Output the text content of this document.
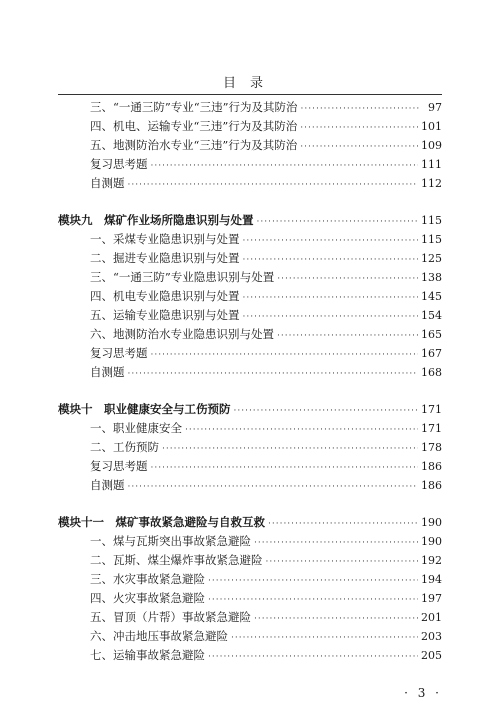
目录
三、“一通三防”专业“三违”行为及其防治 ·····	97
四、机电、运输专业“三违”行为及其防治 ·····	101
五、地测防治水专业“三违”行为及其防治 ·····	109
复习思考题 ·····	111
自测题 ·····	112
模块九　煤矿作业场所隐患识别与处置 ·····	115
一、采煤专业隐患识别与处置 ·····	115
二、掘进专业隐患识别与处置 ·····	125
三、“一通三防”专业隐患识别与处置 ·····	138
四、机电专业隐患识别与处置 ·····	145
五、运输专业隐患识别与处置 ·····	154
六、地测防治水专业隐患识别与处置 ·····	165
复习思考题 ·····	167
自测题 ·····	168
模块十　职业健康安全与工伤预防 ·····	171
一、职业健康安全 ·····	171
二、工伤预防 ·····	178
复习思考题 ·····	186
自测题 ·····	186
模块十一　煤矿事故紧急避险与自救互救 ·····	190
一、煤与瓦斯突出事故紧急避险 ·····	190
二、瓦斯、煤尘爆炸事故紧急避险 ·····	192
三、水灾事故紧急避险 ·····	194
四、火灾事故紧急避险 ·····	197
五、冒顶（片帮）事故紧急避险 ·····	201
六、冲击地压事故紧急避险 ·····	203
七、运输事故紧急避险 ·····	205
· 3 ·
